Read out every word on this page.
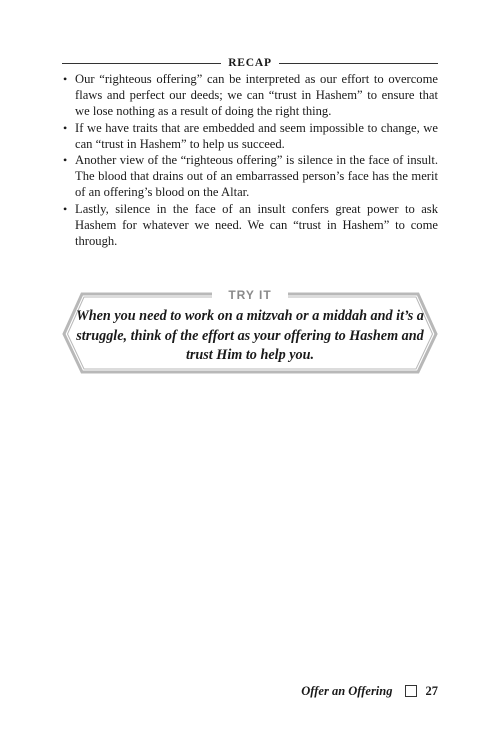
RECAP
• Our “righteous offering” can be interpreted as our effort to overcome flaws and perfect our deeds; we can “trust in Hashem” to ensure that we lose nothing as a result of doing the right thing.
• If we have traits that are embedded and seem impossible to change, we can “trust in Hashem” to help us succeed.
• Another view of the “righteous offering” is silence in the face of insult. The blood that drains out of an embarrassed person’s face has the merit of an offering’s blood on the Altar.
• Lastly, silence in the face of an insult confers great power to ask Hashem for whatever we need. We can “trust in Hashem” to come through.
TRY IT
When you need to work on a mitzvah or a middah and it’s a struggle, think of the effort as your offering to Hashem and trust Him to help you.
Offer an Offering	27
